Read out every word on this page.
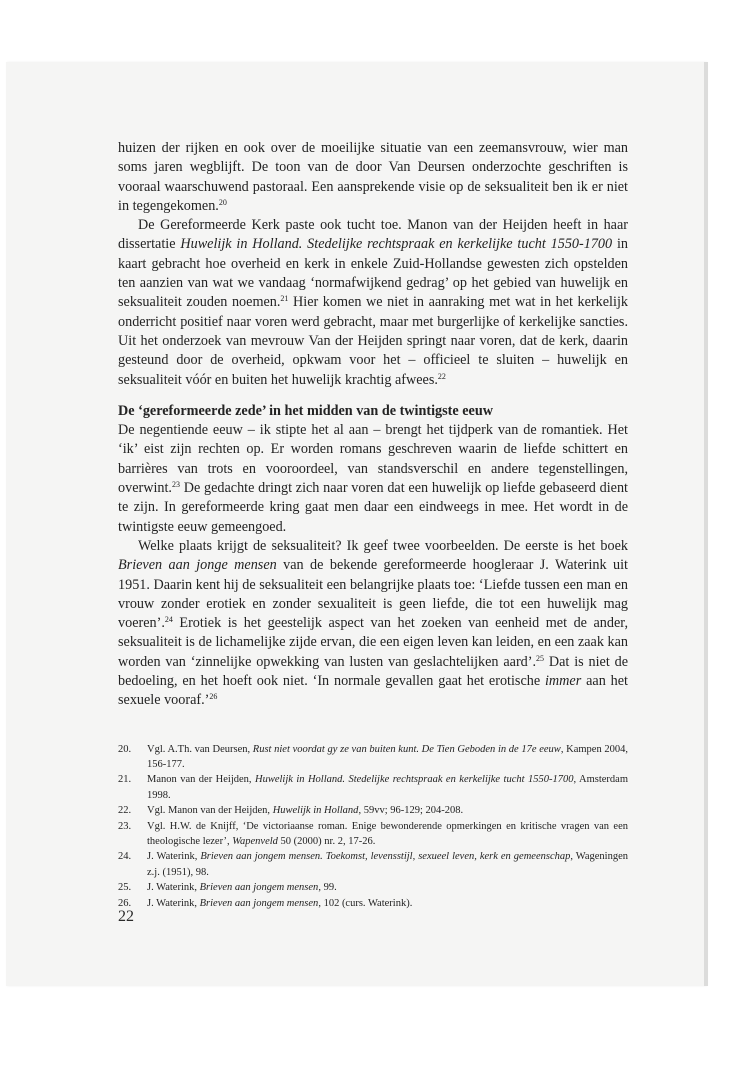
huizen der rijken en ook over de moeilijke situatie van een zeemansvrouw, wier man soms jaren wegblijft. De toon van de door Van Deursen onderzochte geschriften is vooraal waarschuwend pastoraal. Een aansprekende visie op de seksualiteit ben ik er niet in tegengekomen.$^{20}$

De Gereformeerde Kerk paste ook tucht toe. Manon van der Heijden heeft in haar dissertatie Huwelijk in Holland. Stedelijke rechtspraak en kerkelijke tucht 1550-1700 in kaart gebracht hoe overheid en kerk in enkele Zuid-Hollandse gewesten zich opstelden ten aanzien van wat we vandaag ‘normafwijkend gedrag’ op het gebied van huwelijk en seksualiteit zouden noemen.$^{21}$ Hier komen we niet in aanraking met wat in het kerkelijk onderricht positief naar voren werd gebracht, maar met burgerlijke of kerkelijke sancties. Uit het onderzoek van mevrouw Van der Heijden springt naar voren, dat de kerk, daarin gesteund door de overheid, opkwam voor het – officieel te sluiten – huwelijk en seksualiteit vóór en buiten het huwelijk krachtig afwees.$^{22}$

De ‘gereformeerde zede’ in het midden van de twintigste eeuw

De negentiende eeuw – ik stipte het al aan – brengt het tijdperk van de romantiek. Het ‘ik’ eist zijn rechten op. Er worden romans geschreven waarin de liefde schittert en barrières van trots en vooroordeel, van standsverschil en andere tegenstellingen, overwint.$^{23}$ De gedachte dringt zich naar voren dat een huwelijk op liefde gebaseerd dient te zijn. In gereformeerde kring gaat men daar een eindweegs in mee. Het wordt in de twintigste eeuw gemeengoed.

Welke plaats krijgt de seksualiteit? Ik geef twee voorbeelden. De eerste is het boek Brieven aan jonge mensen van de bekende gereformeerde hoogleraar J. Waterink uit 1951. Daarin kent hij de seksualiteit een belangrijke plaats toe: ‘Liefde tussen een man en vrouw zonder erotiek en zonder sexualiteit is geen liefde, die tot een huwelijk mag voeren’.$^{24}$ Erotiek is het geestelijk aspect van het zoeken van eenheid met de ander, seksualiteit is de lichamelijke zijde ervan, die een eigen leven kan leiden, en een zaak kan worden van ‘zinnelijke opwekking van lusten van geslachtelijken aard’.$^{25}$ Dat is niet de bedoeling, en het hoeft ook niet. ‘In normale gevallen gaat het erotische immer aan het sexuele vooraf.’$^{26}$

20. Vgl. A.Th. van Deursen, Rust niet voordat gy ze van buiten kunt. De Tien Geboden in de 17e eeuw, Kampen 2004, 156-177.
21. Manon van der Heijden, Huwelijk in Holland. Stedelijke rechtspraak en kerkelijke tucht 1550-1700, Amsterdam 1998.
22. Vgl. Manon van der Heijden, Huwelijk in Holland, 59vv; 96-129; 204-208.
23. Vgl. H.W. de Knijff, ‘De victoriaanse roman. Enige bewonderende opmerkingen en kritische vragen van een theologische lezer’, Wapenveld 50 (2000) nr. 2, 17-26.
24. J. Waterink, Brieven aan jongem mensen. Toekomst, levensstijl, sexueel leven, kerk en gemeenschap, Wageningen z.j. (1951), 98.
25. J. Waterink, Brieven aan jongem mensen, 99.
26. J. Waterink, Brieven aan jongem mensen, 102 (curs. Waterink).
22
